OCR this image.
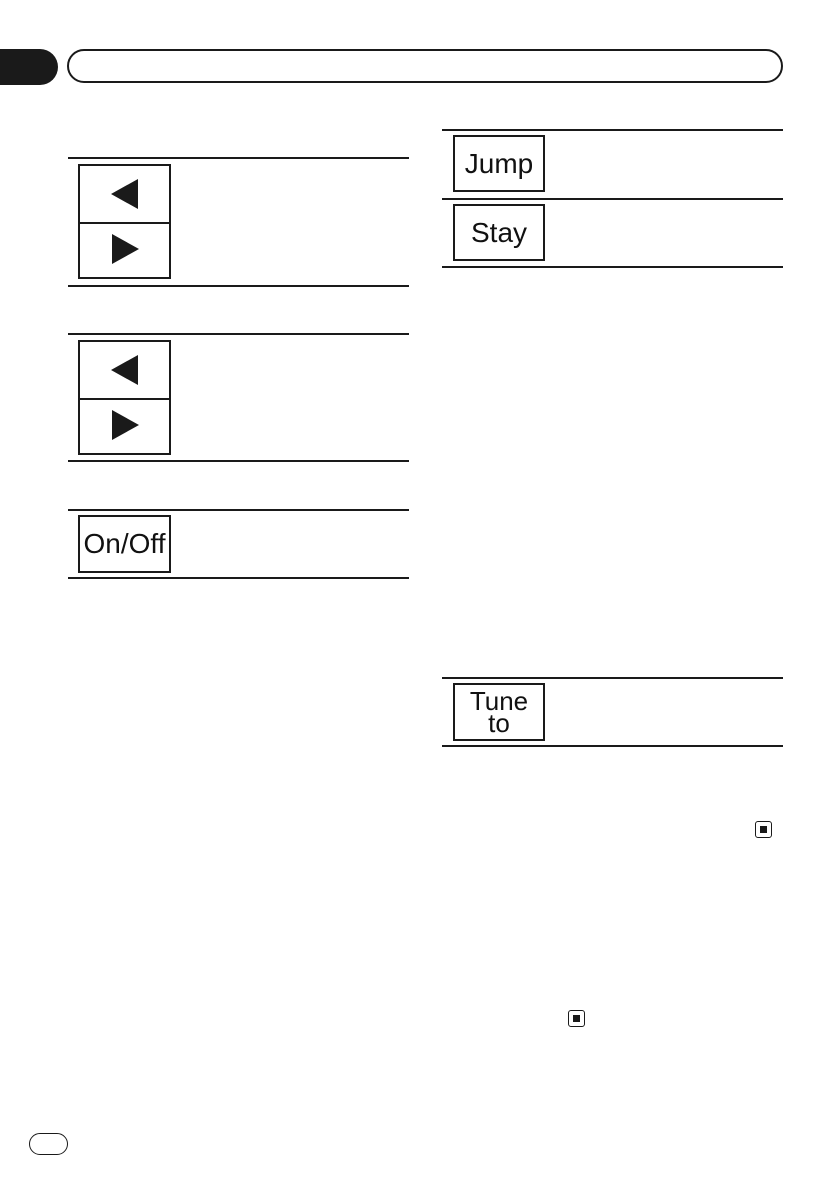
On/Off
Jump
Stay
Tune
to
